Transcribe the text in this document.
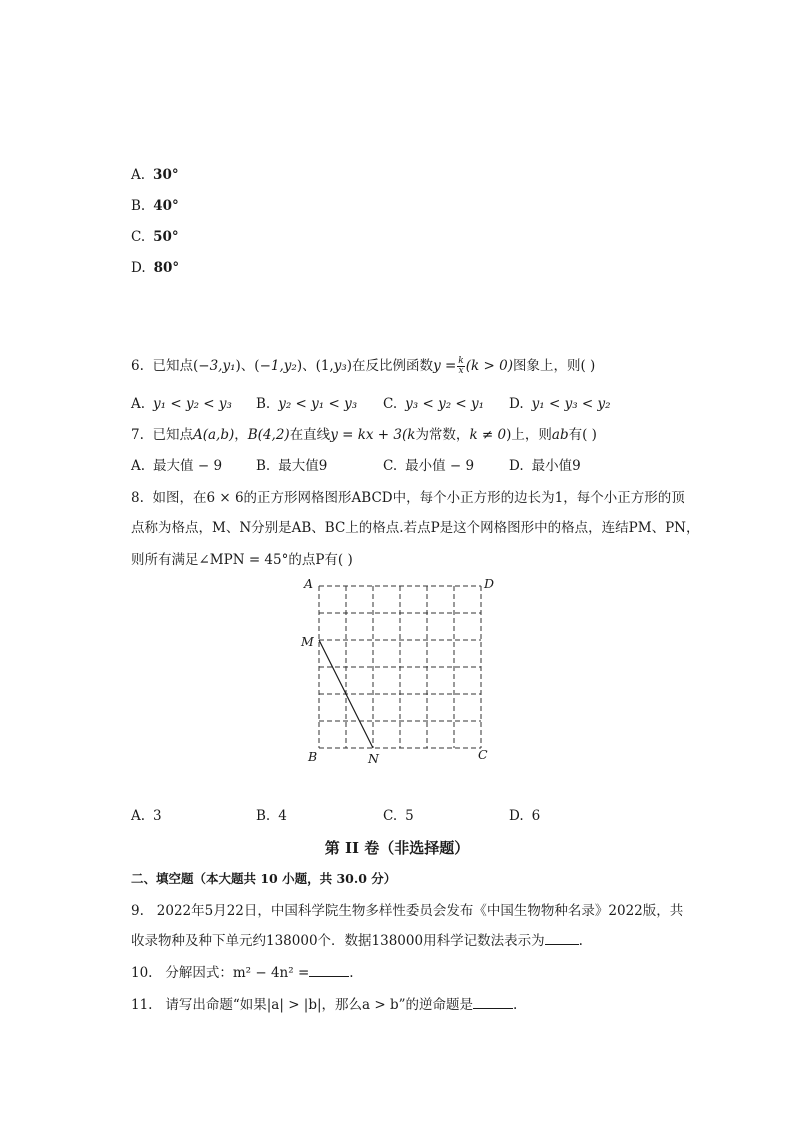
A. 30°
B. 40°
C. 50°
D. 80°
6. 已知点(−3,y₁)、(−1,y₂)、(1,y₃)在反比例函数$y = \frac{k}{x} (k > 0)$图象上，则( )
A. y₁ < y₂ < y₃ B. y₂ < y₁ < y₃ C. y₃ < y₂ < y₁ D. y₁ < y₃ < y₂
7. 已知点A(a,b)，B(4,2)在直线y = kx + 3(k为常数，k ≠ 0)上，则ab有( )
A. 最大值 − 9	B. 最大值9	C. 最小值 − 9	D. 最小值9
8. 如图，在6 × 6的正方形网格图形ABCD中，每个小正方形的边长为1，每个小正方形的顶
点称为格点，M、N分别是AB、BC上的格点.若点P是这个网格图形中的格点，连结PM、PN，
则所有满足∠MPN = 45°的点P有( )
A	D
M
B	N	C
A. 3	B. 4	C. 5	D. 6
第 II 卷（非选择题）
二、填空题（本大题共 10 小题，共 30.0 分）
9. 2022年5月22日，中国科学院生物多样性委员会发布《中国生物物种名录》2022版，共
收录物种及种下单元约138000个．数据138000用科学记数法表示为	.
10. 分解因式：m² − 4n² =	.
11. 请写出命题“如果|a| > |b|，那么a > b”的逆命题是	.
